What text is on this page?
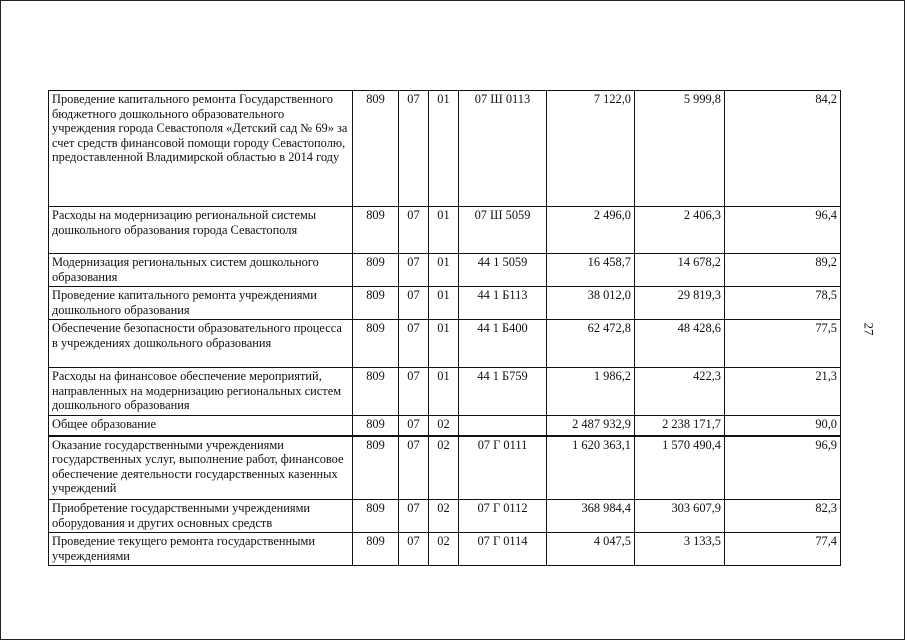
Проведение капитального ремонта Государственного бюджетного дошкольного образовательного учреждения города Севастополя «Детский сад № 69» за счет средств финансовой помощи городу Севастополю, предоставленной Владимирской областью в 2014 году	809	07	01	07 Ш 0113	7 122,0	5 999,8	84,2
Расходы на модернизацию региональной системы дошкольного образования города Севастополя	809	07	01	07 Ш 5059	2 496,0	2 406,3	96,4
Модернизация региональных систем дошкольного образования	809	07	01	44 1 5059	16 458,7	14 678,2	89,2
Проведение капитального ремонта учреждениями дошкольного образования	809	07	01	44 1 Б113	38 012,0	29 819,3	78,5
Обеспечение безопасности образовательного процесса в учреждениях дошкольного образования	809	07	01	44 1 Б400	62 472,8	48 428,6	77,5
Расходы на финансовое обеспечение мероприятий, направленных на модернизацию региональных систем дошкольного образования	809	07	01	44 1 Б759	1 986,2	422,3	21,3
Общее образование	809	07	02		2 487 932,9	2 238 171,7	90,0
Оказание государственными учреждениями государственных услуг, выполнение работ, финансовое обеспечение деятельности государственных казенных учреждений	809	07	02	07 Г 0111	1 620 363,1	1 570 490,4	96,9
Приобретение государственными учреждениями оборудования и других основных средств	809	07	02	07 Г 0112	368 984,4	303 607,9	82,3
Проведение текущего ремонта государственными учреждениями	809	07	02	07 Г 0114	4 047,5	3 133,5	77,4
27
